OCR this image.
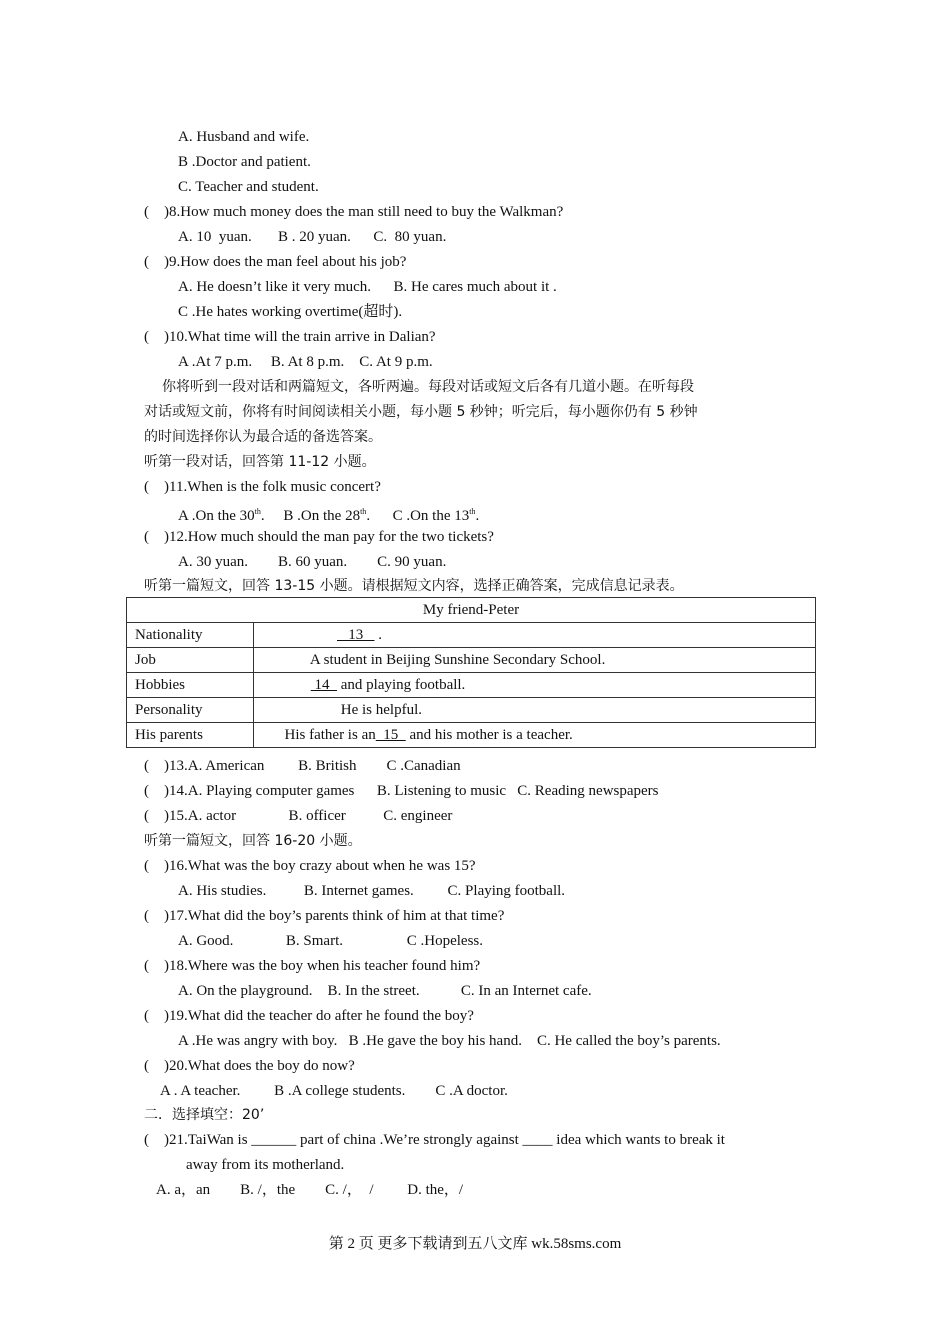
A. Husband and wife.
B .Doctor and patient.
C. Teacher and student.
(    )8.How much money does the man still need to buy the Walkman?
A. 10  yuan.       B . 20 yuan.      C.  80 yuan.
(    )9.How does the man feel about his job?
A. He doesn’t like it very much.      B. He cares much about it .
C .He hates working overtime(超时).
(    )10.What time will the train arrive in Dalian?
A .At 7 p.m.     B. At 8 p.m.    C. At 9 p.m.
你将听到一段对话和两篇短文，各听两遍。每段对话或短文后各有几道小题。在听每段
对话或短文前，你将有时间阅读相关小题，每小题 5 秒钟；听完后，每小题你仍有 5 秒钟
的时间选择你认为最合适的备选答案。
听第一段对话，回答第 11-12 小题。
(    )11.When is the folk music concert?
A .On the 30th.     B .On the 28th.      C .On the 13th.
(    )12.How much should the man pay for the two tickets?
A. 30 yuan.        B. 60 yuan.        C. 90 yuan.
听第一篇短文，回答 13-15 小题。请根据短文内容，选择正确答案，完成信息记录表。
My friend-Peter	
Nationality	13    .
Job	A student in Beijing Sunshine Secondary School.
Hobbies	14   and playing football.
Personality	He is helpful.
His parents	His father is an  15   and his mother is a teacher.
(    )13.A. American         B. British        C .Canadian
(    )14.A. Playing computer games      B. Listening to music   C. Reading newspapers
(    )15.A. actor              B. officer          C. engineer
听第一篇短文，回答 16-20 小题。
(    )16.What was the boy crazy about when he was 15?
A. His studies.          B. Internet games.         C. Playing football.
(    )17.What did the boy’s parents think of him at that time?
A. Good.              B. Smart.                 C .Hopeless.
(    )18.Where was the boy when his teacher found him?
A. On the playground.    B. In the street.           C. In an Internet cafe.
(    )19.What did the teacher do after he found the boy?
A .He was angry with boy.   B .He gave the boy his hand.    C. He called the boy’s parents.
(    )20.What does the boy do now?
A . A teacher.         B .A college students.        C .A doctor.
二．选择填空：20’
(    )21.TaiWan is ______ part of china .We’re strongly against ____ idea which wants to break it
away from its motherland.
A. a，an        B. /，the        C. /，  /         D. the，/
第 2 页 更多下载请到五八文库 wk.58sms.com
